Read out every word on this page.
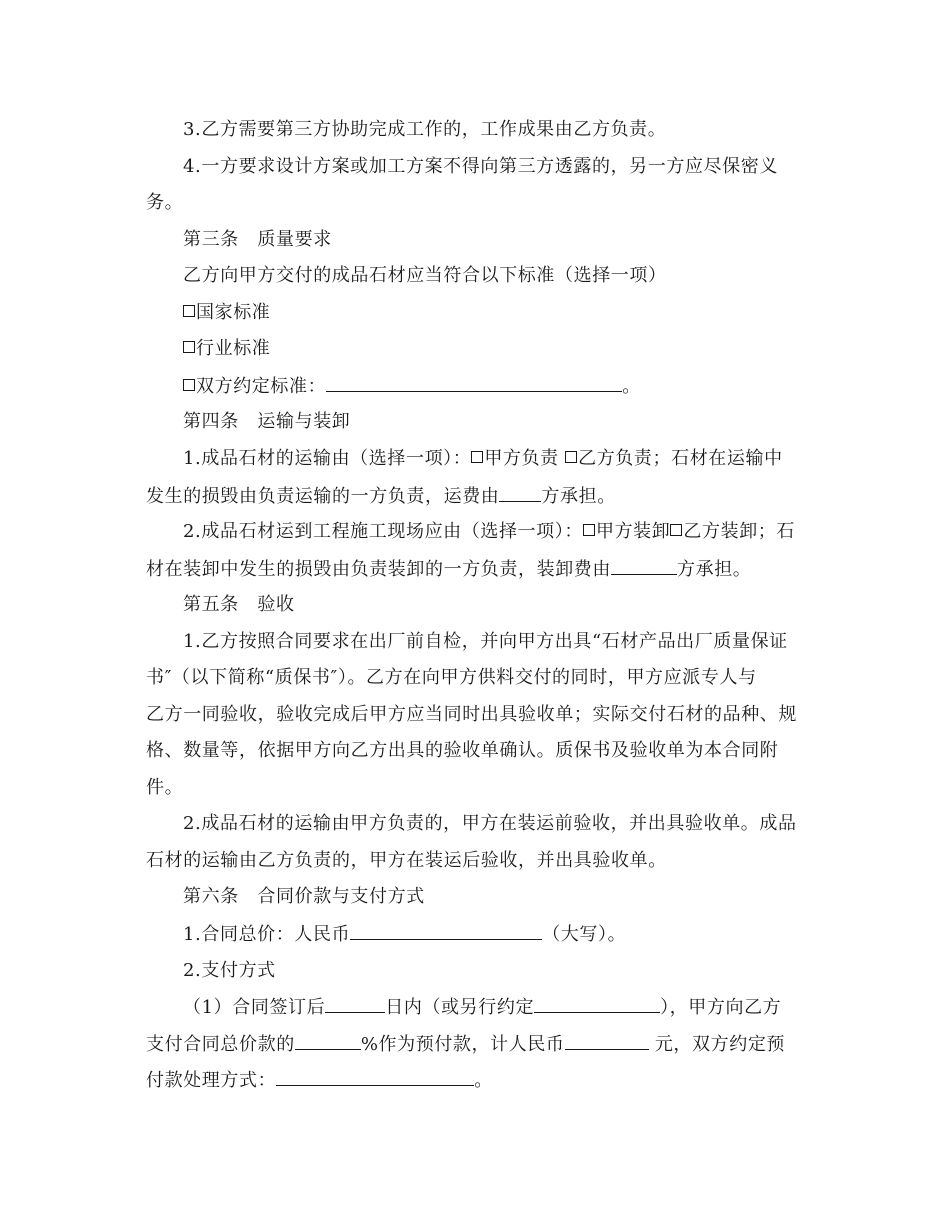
3.乙方需要第三方协助完成工作的，工作成果由乙方负责。
4.一方要求设计方案或加工方案不得向第三方透露的，另一方应尽保密义
务。
第三条　质量要求
乙方向甲方交付的成品石材应当符合以下标准（选择一项）
国家标准
行业标准
双方约定标准：	。
第四条　运输与装卸
1.成品石材的运输由（选择一项）： 甲方负责 乙方负责；石材在运输中
发生的损毁由负责运输的一方负责，运费由 方承担。
2.成品石材运到工程施工现场应由（选择一项）： 甲方装卸 乙方装卸；石
材在装卸中发生的损毁由负责装卸的一方负责，装卸费由	方承担。
第五条　验收
1.乙方按照合同要求在出厂前自检，并向甲方出具“石材产品出厂质量保证
书″（以下简称“质保书″）。乙方在向甲方供料交付的同时，甲方应派专人与
乙方一同验收，验收完成后甲方应当同时出具验收单；实际交付石材的品种、规
格、数量等，依据甲方向乙方出具的验收单确认。质保书及验收单为本合同附
件。
2.成品石材的运输由甲方负责的，甲方在装运前验收，并出具验收单。成品
石材的运输由乙方负责的，甲方在装运后验收，并出具验收单。
第六条　合同价款与支付方式
1.合同总价：人民币	（大写）。
2.支付方式
（1）合同签订后	日内（或另行约定	），甲方向乙方
支付合同总价款的	%作为预付款，计人民币	元，双方约定预
付款处理方式：	。
